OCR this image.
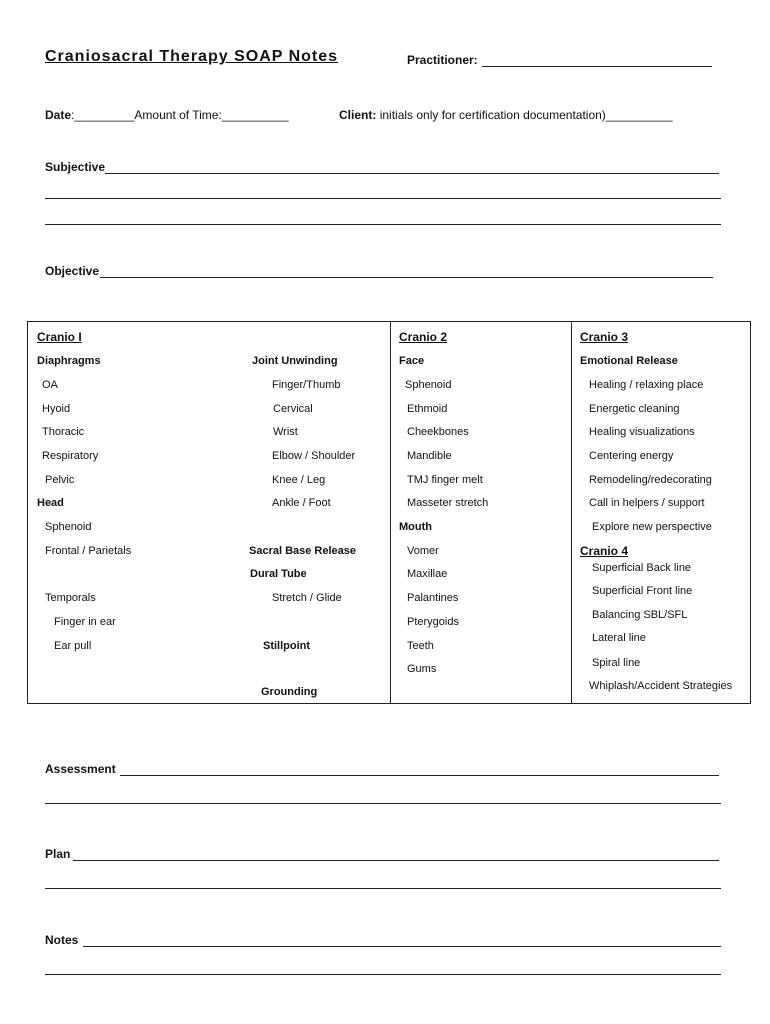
Craniosacral Therapy SOAP Notes	Practitioner:
Date:_________Amount of Time:__________	Client: initials only for certification documentation)__________
Subjective
Objective
Cranio I
Diaphragms
OA
Hyoid
Thoracic
Respiratory
Pelvic
Head
Sphenoid
Frontal / Parietals
Temporals
Finger in ear
Ear pull
Joint Unwinding
Finger/Thumb
Cervical
Wrist
Elbow / Shoulder
Knee / Leg
Ankle / Foot
Sacral Base Release
Dural Tube
Stretch / Glide
Stillpoint
Grounding
Cranio 2
Face
Sphenoid
Ethmoid
Cheekbones
Mandible
TMJ finger melt
Masseter stretch
Mouth
Vomer
Maxillae
Palantines
Pterygoids
Teeth
Gums
Cranio 3
Emotional Release
Healing / relaxing place
Energetic cleaning
Healing visualizations
Centering energy
Remodeling/redecorating
Call in helpers / support
Explore new perspective
Cranio 4
Superficial Back line
Superficial Front line
Balancing SBL/SFL
Lateral line
Spiral line
Whiplash/Accident Strategies
Assessment
Plan
Notes
